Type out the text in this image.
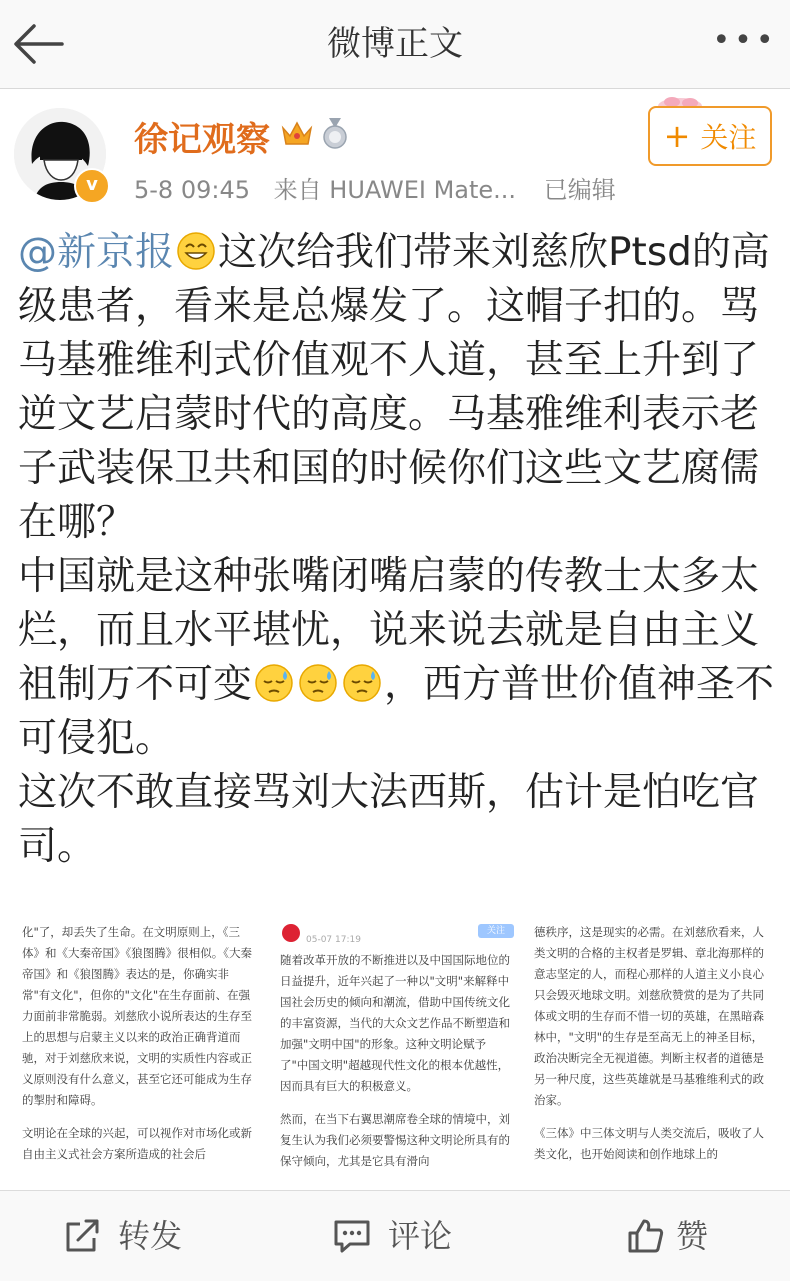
微博正文	•••
v
徐记观察
5-8 09:45 来自 HUAWEI Mate... 已编辑
+ 关注

@新京报 这次给我们带来刘慈欣Ptsd的高级患者，看来是总爆发了。这帽子扣的。骂马基雅维利式价值观不人道，甚至上升到了逆文艺启蒙时代的高度。马基雅维利表示老子武装保卫共和国的时候你们这些文艺腐儒在哪？

中国就是这种张嘴闭嘴启蒙的传教士太多太烂，而且水平堪忧，说来说去就是自由主义祖制万不可变	，西方普世价值神圣不可侵犯。

这次不敢直接骂刘大法西斯，估计是怕吃官司。

化"了，却丢失了生命。在文明原则上，《三体》和《大秦帝国》《狼图腾》很相似。《大秦帝国》和《狼图腾》表达的是，你确实非常"有文化"，但你的"文化"在生存面前、在强力面前非常脆弱。刘慈欣小说所表达的生存至上的思想与启蒙主义以来的政治正确背道而驰，对于刘慈欣来说，文明的实质性内容或正义原则没有什么意义，甚至它还可能成为生存的掣肘和障碍。

文明论在全球的兴起，可以视作对市场化或新自由主义式社会方案所造成的社会后

05-07 17:19
关注

随着改革开放的不断推进以及中国国际地位的日益提升，近年兴起了一种以"文明"来解释中国社会历史的倾向和潮流，借助中国传统文化的丰富资源，当代的大众文艺作品不断塑造和加强"文明中国"的形象。这种文明论赋予了"中国文明"超越现代性文化的根本优越性，因而具有巨大的积极意义。

然而，在当下右翼思潮席卷全球的情境中，刘复生认为我们必须要警惕这种文明论所具有的保守倾向，尤其是它具有滑向

德秩序，这是现实的必需。在刘慈欣看来，人类文明的合格的主权者是罗辑、章北海那样的意志坚定的人，而程心那样的人道主义小良心只会毁灭地球文明。刘慈欣赞赏的是为了共同体或文明的生存而不惜一切的英雄，在黑暗森林中，"文明"的生存是至高无上的神圣目标，政治决断完全无视道德。判断主权者的道德是另一种尺度，这些英雄就是马基雅维利式的政治家。

《三体》中三体文明与人类交流后，吸收了人类文化，也开始阅读和创作地球上的

转发	评论	赞
